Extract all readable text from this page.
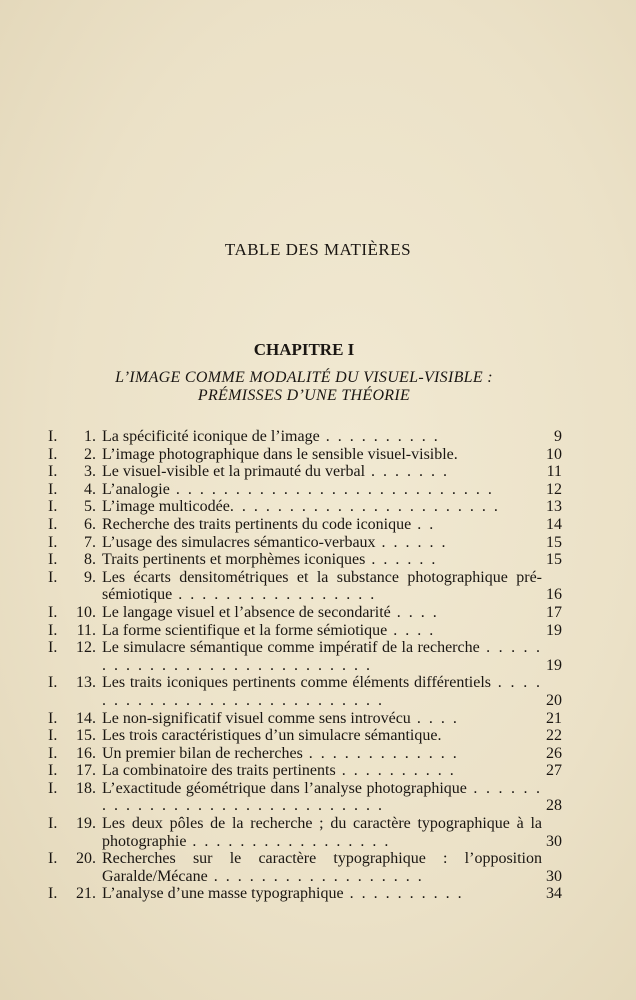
TABLE DES MATIÈRES
CHAPITRE I
L’IMAGE COMME MODALITÉ DU VISUEL-VISIBLE :
PRÉMISSES D’UNE THÉORIE
I. 1. La spécificité iconique de l’image . . . . . . . . . .	9
I. 2. L’image photographique dans le sensible visuel-visible.	10
I. 3. Le visuel-visible et la primauté du verbal . . . . . . .	11
I. 4. L’analogie . . . . . . . . . . . . . . . . . . . . . . . . . . .	12
I. 5. L’image multicodée. . . . . . . . . . . . . . . . . . . . . . .	13
I. 6. Recherche des traits pertinents du code iconique . .	14
I. 7. L’usage des simulacres sémantico-verbaux . . . . . .	15
I. 8. Traits pertinents et morphèmes iconiques . . . . . .	15
I. 9. Les écarts densitométriques et la substance photographique pré-sémiotique . . . . . . . . . . . . . . . . .	16
I. 10. Le langage visuel et l’absence de secondarité . . . .	17
I. 11. La forme scientifique et la forme sémiotique . . . .	19
I. 12. Le simulacre sémantique comme impératif de la recherche . . . . . . . . . . . . . . . . . . . . . . . . . . . .	19
I. 13. Les traits iconiques pertinents comme éléments différentiels . . . . . . . . . . . . . . . . . . . . . . . . . . . .	20
I. 14. Le non-significatif visuel comme sens introvécu . . . .	21
I. 15. Les trois caractéristiques d’un simulacre sémantique.	22
I. 16. Un premier bilan de recherches . . . . . . . . . . . . .	26
I. 17. La combinatoire des traits pertinents . . . . . . . . . .	27
I. 18. L’exactitude géométrique dans l’analyse photographique . . . . . . . . . . . . . . . . . . . . . . . . . . . . . .	28
I. 19. Les deux pôles de la recherche ; du caractère typographique à la photographie . . . . . . . . . . . . . . . . .	30
I. 20. Recherches sur le caractère typographique : l’opposition Garalde/Mécane . . . . . . . . . . . . . . . . . .	30
I. 21. L’analyse d’une masse typographique . . . . . . . . . .	34
